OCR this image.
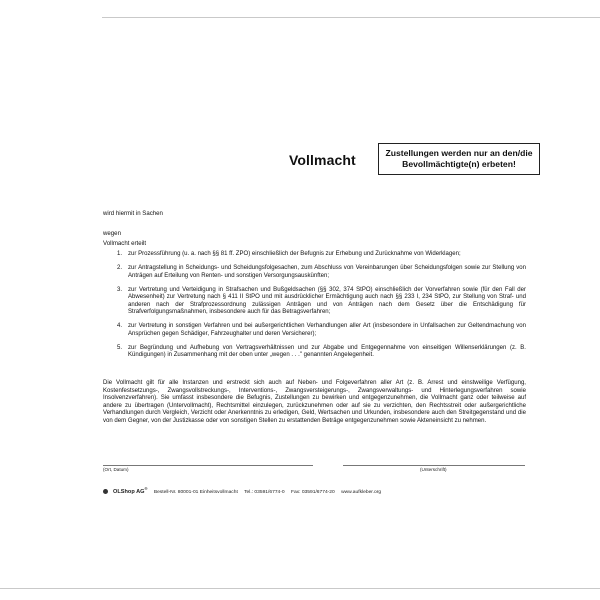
Vollmacht	Zustellungen werden nur an den/die
Bevollmächtigte(n) erbeten!
wird hiermit in Sachen
wegen
Vollmacht erteilt
1. zur Prozessführung (u. a. nach §§ 81 ff. ZPO) einschließlich der Befugnis zur Erhebung und Zurücknahme von Widerklagen;
2. zur Antragstellung in Scheidungs- und Scheidungsfolgesachen, zum Abschluss von Vereinbarungen über Scheidungsfolgen sowie zur Stellung von Anträgen auf Erteilung von Renten- und sonstigen Versorgungsauskünften;
3. zur Vertretung und Verteidigung in Strafsachen und Bußgeldsachen (§§ 302, 374 StPO) einschließlich der Vorverfahren sowie (für den Fall der Abwesenheit) zur Vertretung nach § 411 II StPO und mit ausdrücklicher Ermächtigung auch nach §§ 233 I, 234 StPO, zur Stellung von Straf- und anderen nach der Strafprozessordnung zulässigen Anträgen und von Anträgen nach dem Gesetz über die Entschädigung für Strafverfolgungsmaßnahmen, insbesondere auch für das Betragsverfahren;
4. zur Vertretung in sonstigen Verfahren und bei außergerichtlichen Verhandlungen aller Art (insbesondere in Unfallsachen zur Geltendmachung von Ansprüchen gegen Schädiger, Fahrzeughalter und deren Versicherer);
5. zur Begründung und Aufhebung von Vertragsverhältnissen und zur Abgabe und Entgegennahme von einseitigen Willenserklärungen (z. B. Kündigungen) in Zusammenhang mit der oben unter „wegen . . ." genannten Angelegenheit.
Die Vollmacht gilt für alle Instanzen und erstreckt sich auch auf Neben- und Folgeverfahren aller Art (z. B. Arrest und einstweilige Verfügung, Kostenfestsetzungs-, Zwangsvollstreckungs-, Interventions-, Zwangsversteigerungs-, Zwangsverwaltungs- und Hinterlegungsverfahren sowie Insolvenzverfahren). Sie umfasst insbesondere die Befugnis, Zustellungen zu bewirken und entgegenzunehmen, die Vollmacht ganz oder teilweise auf andere zu übertragen (Untervollmacht), Rechtsmittel einzulegen, zurückzunehmen oder auf sie zu verzichten, den Rechtsstreit oder außergerichtliche Verhandlungen durch Vergleich, Verzicht oder Anerkenntnis zu erledigen, Geld, Wertsachen und Urkunden, insbesondere auch den Streitgegenstand und die von dem Gegner, von der Justizkasse oder von sonstigen Stellen zu erstattenden Beträge entgegenzunehmen sowie Akteneinsicht zu nehmen.
(Ort, Datum)	(Unterschrift)
OLShop AG® Bestell-Nr. 80001-01 Einheitsvollmacht Tel.: 03591/6774-0 Fax: 03591/6774-20 www.aufkleber.org
